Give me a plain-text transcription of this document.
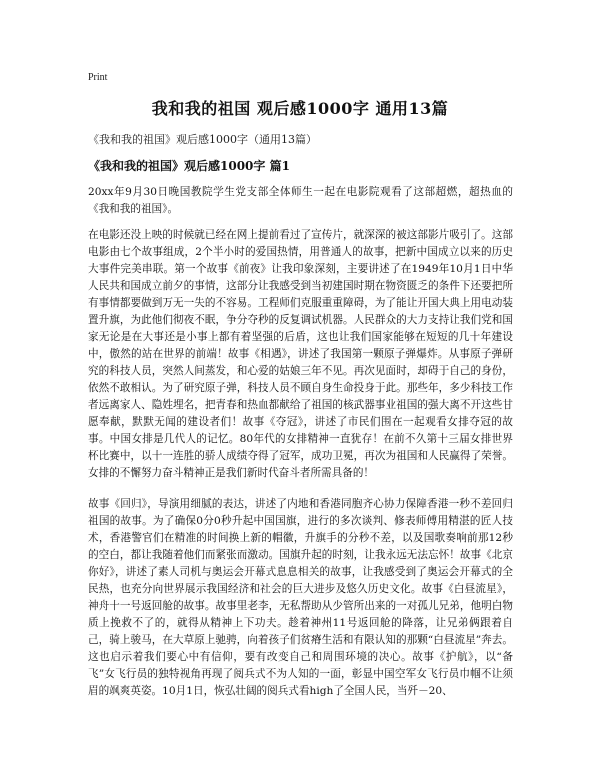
Print
我和我的祖国 观后感1000字 通用13篇
《我和我的祖国》观后感1000字（通用13篇）
《我和我的祖国》观后感1000字 篇1
20xx年9月30日晚国教院学生党支部全体师生一起在电影院观看了这部超燃，超热血的《我和我的祖国》。
在电影还没上映的时候就已经在网上提前看过了宣传片，就深深的被这部影片吸引了。这部电影由七个故事组成，2个半小时的爱国热情，用普通人的故事，把新中国成立以来的历史大事件完美串联。第一个故事《前夜》让我印象深刻，主要讲述了在1949年10月1日中华人民共和国成立前夕的事情，这部分让我感受到当初建国时期在物资匮乏的条件下还要把所有事情都要做到万无一失的不容易。工程师们克服重重障碍，为了能让开国大典上用电动装置升旗，为此他们彻夜不眠，争分夺秒的反复调试机器。人民群众的大力支持让我们党和国家无论是在大事还是小事上都有着坚强的后盾，这也让我们国家能够在短短的几十年建设中，傲然的站在世界的前端！故事《相遇》，讲述了我国第一颗原子弹爆炸。从事原子弹研究的科技人员，突然人间蒸发，和心爱的姑娘三年不见。再次见面时，却碍于自己的身份，依然不敢相认。为了研究原子弹，科技人员不顾自身生命投身于此。那些年，多少科技工作者远离家人、隐姓埋名，把青春和热血都献给了祖国的核武器事业祖国的强大离不开这些甘愿奉献，默默无闻的建设者们！故事《夺冠》，讲述了市民们围在一起观看女排夺冠的故事。中国女排是几代人的记忆。80年代的女排精神一直犹存！在前不久第十三届女排世界杯比赛中，以十一连胜的骄人成绩夺得了冠军，成功卫冕，再次为祖国和人民赢得了荣誉。女排的不懈努力奋斗精神正是我们新时代奋斗者所需具备的！
故事《回归》，导演用细腻的表达，讲述了内地和香港同胞齐心协力保障香港一秒不差回归祖国的故事。为了确保0分0秒升起中国国旗，进行的多次谈判、修表师傅用精湛的匠人技术，香港警官们在精准的时间换上新的帽徽，升旗手的分秒不差，以及国歌奏响前那12秒的空白，都让我随着他们而紧张而激动。国旗升起的时刻，让我永远无法忘怀！故事《北京你好》，讲述了素人司机与奥运会开幕式息息相关的故事，让我感受到了奥运会开幕式的全民热，也充分向世界展示我国经济和社会的巨大进步及悠久历史文化。故事《白昼流星》，神舟十一号返回舱的故事。故事里老李，无私帮助从少管所出来的一对孤儿兄弟，他明白物质上挽救不了的，就得从精神上下功夫。趁着神州11号返回舱的降落，让兄弟俩跟着自己，骑上骏马，在大草原上驰骋，向着孩子们贫瘠生活和有限认知的那颗“白昼流星”奔去。这也启示着我们要心中有信仰，要有改变自己和周围环境的决心。故事《护航》，以“备飞”女飞行员的独特视角再现了阅兵式不为人知的一面，彰显中国空军女飞行员巾帼不让须眉的飒爽英姿。10月1日，恢弘壮阔的阅兵式看high了全国人民，当歼－20、
